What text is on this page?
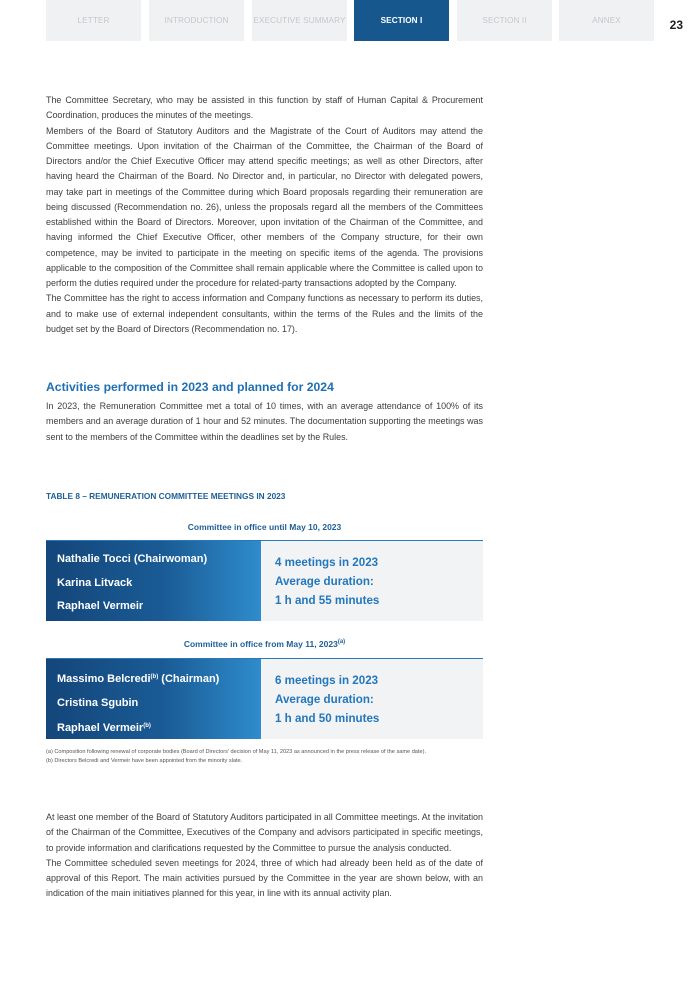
LETTER	INTRODUCTION	EXECUTIVE SUMMARY	SECTION I	SECTION II	ANNEX	23

The Committee Secretary, who may be assisted in this function by staff of Human Capital & Procurement Coordination, produces the minutes of the meetings.

Members of the Board of Statutory Auditors and the Magistrate of the Court of Auditors may attend the Committee meetings. Upon invitation of the Chairman of the Committee, the Chairman of the Board of Directors and/or the Chief Executive Officer may attend specific meetings; as well as other Directors, after having heard the Chairman of the Board. No Director and, in particular, no Director with delegated powers, may take part in meetings of the Committee during which Board proposals regarding their remuneration are being discussed (Recommendation no. 26), unless the proposals regard all the members of the Committees established within the Board of Directors. Moreover, upon invitation of the Chairman of the Committee, and having informed the Chief Executive Officer, other members of the Company structure, for their own competence, may be invited to participate in the meeting on specific items of the agenda. The provisions applicable to the composition of the Committee shall remain applicable where the Committee is called upon to perform the duties required under the procedure for related-party transactions adopted by the Company.

The Committee has the right to access information and Company functions as necessary to perform its duties, and to make use of external independent consultants, within the terms of the Rules and the limits of the budget set by the Board of Directors (Recommendation no. 17).

Activities performed in 2023 and planned for 2024

In 2023, the Remuneration Committee met a total of 10 times, with an average attendance of 100% of its members and an average duration of 1 hour and 52 minutes. The documentation supporting the meetings was sent to the members of the Committee within the deadlines set by the Rules.

TABLE 8 – REMUNERATION COMMITTEE MEETINGS IN 2023
Committee in office until May 10, 2023
Nathalie Tocci (Chairwoman)
Karina Litvack
Raphael Vermeir
4 meetings in 2023
Average duration:
1 h and 55 minutes
Committee in office from May 11, 2023$^{(a)}$
Massimo Belcredi$^{(b)}$ (Chairman)
Cristina Sgubin
Raphael Vermeir$^{(b)}$
6 meetings in 2023
Average duration:
1 h and 50 minutes
(a) Composition following renewal of corporate bodies (Board of Directors' decision of May 11, 2023 as announced in the press release of the same date).
(b) Directors Belcredi and Vermeir have been appointed from the minority slate.

At least one member of the Board of Statutory Auditors participated in all Committee meetings. At the invitation of the Chairman of the Committee, Executives of the Company and advisors participated in specific meetings, to provide information and clarifications requested by the Committee to pursue the analysis conducted.

The Committee scheduled seven meetings for 2024, three of which had already been held as of the date of approval of this Report. The main activities pursued by the Committee in the year are shown below, with an indication of the main initiatives planned for this year, in line with its annual activity plan.
